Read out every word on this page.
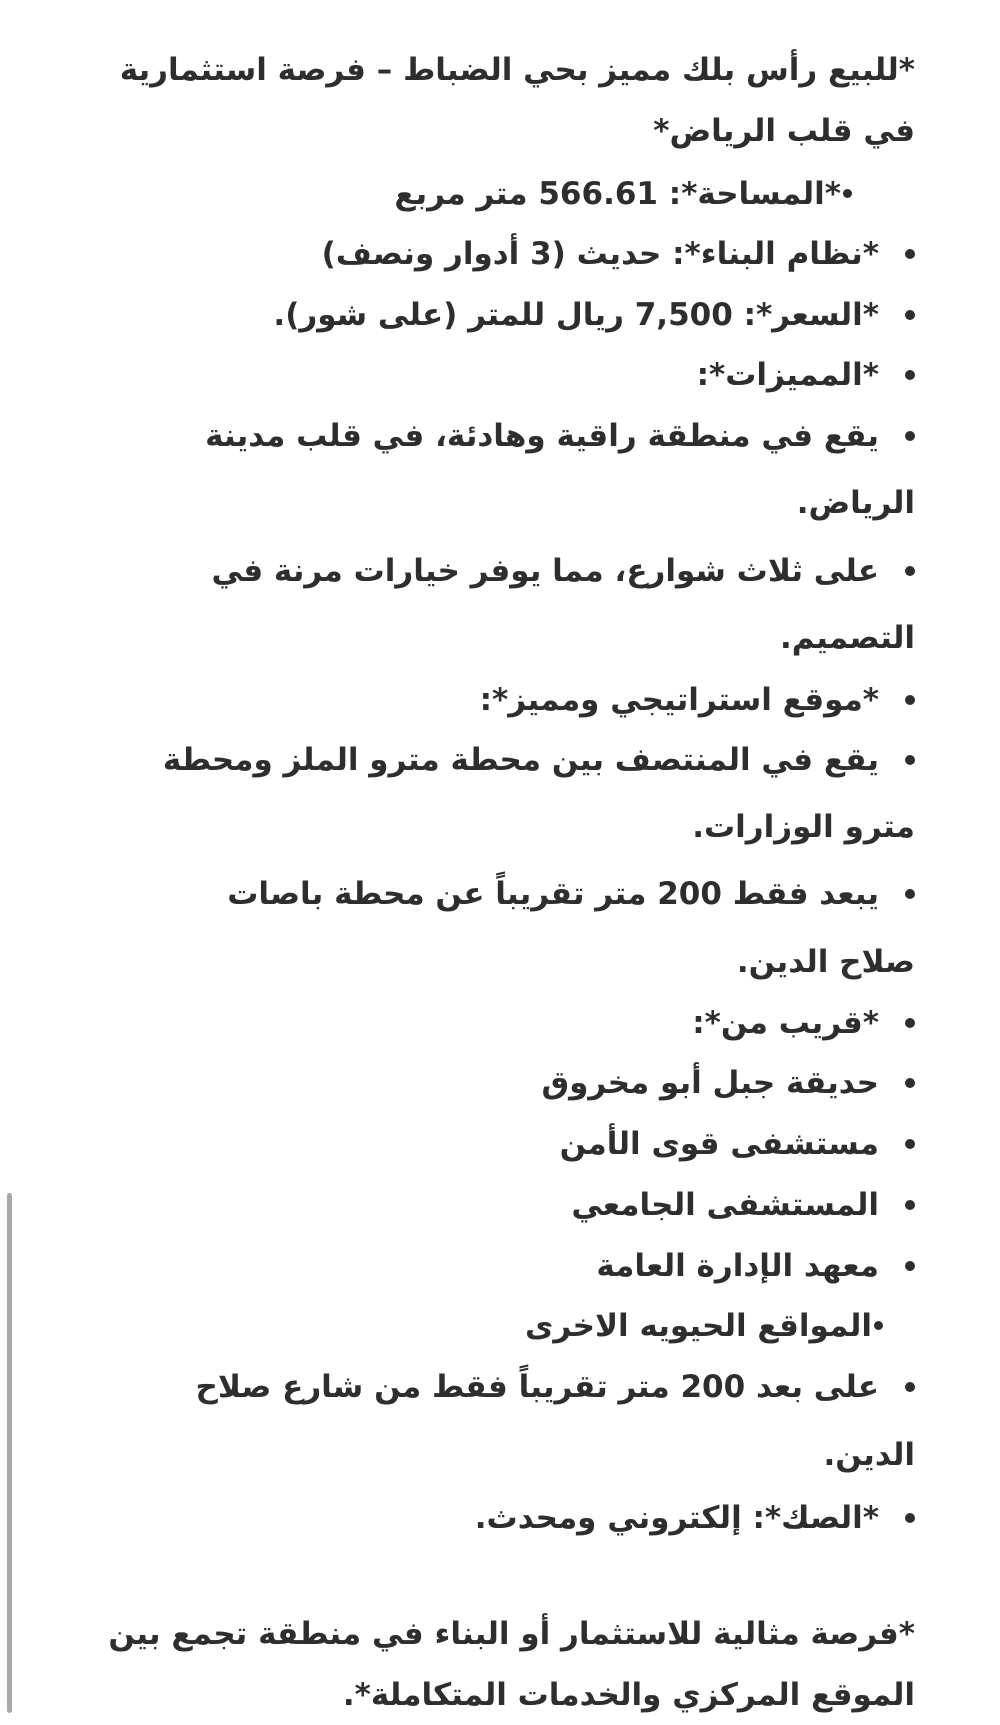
*للبيع رأس بلك مميز بحي الضباط – فرصة استثمارية
في قلب الرياض*
*المساحة*: 566.61 متر مربع
*نظام البناء*: حديث (3 أدوار ونصف)
*السعر*: 7,500 ريال للمتر (على شور).
*المميزات*:
يقع في منطقة راقية وهادئة، في قلب مدينة
الرياض.
على ثلاث شوارع، مما يوفر خيارات مرنة في
التصميم.
*موقع استراتيجي ومميز*:
يقع في المنتصف بين محطة مترو الملز ومحطة
مترو الوزارات.
يبعد فقط 200 متر تقريباً عن محطة باصات
صلاح الدين.
*قريب من*:
حديقة جبل أبو مخروق
مستشفى قوى الأمن
المستشفى الجامعي
معهد الإدارة العامة
المواقع الحيويه الاخرى
على بعد 200 متر تقريباً فقط من شارع صلاح
الدين.
*الصك*: إلكتروني ومحدث.
*فرصة مثالية للاستثمار أو البناء في منطقة تجمع بين
الموقع المركزي والخدمات المتكاملة*.
